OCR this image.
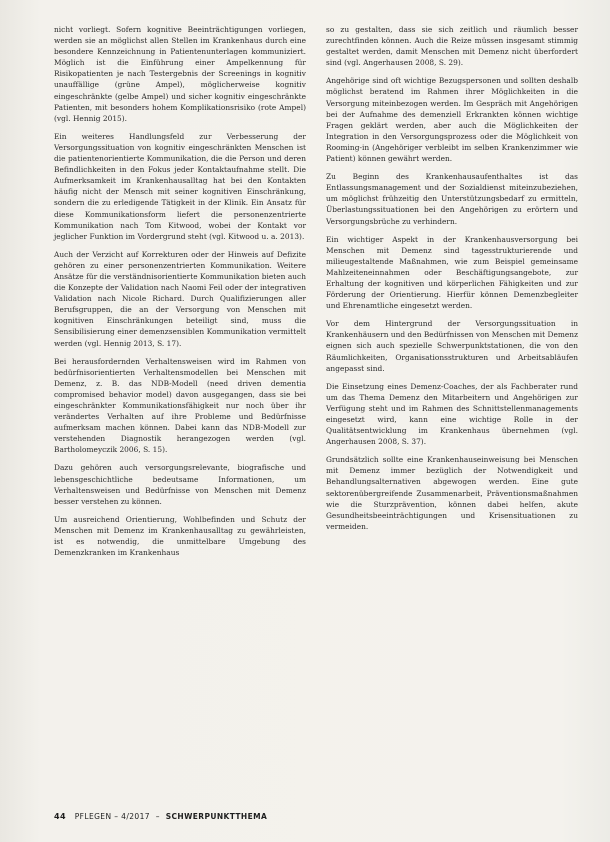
nicht vorliegt. Sofern kognitive Beeinträchtigungen vorliegen, werden sie an möglichst allen Stellen im Krankenhaus durch eine besondere Kennzeichnung in Patientenunterlagen kommuniziert. Möglich ist die Einführung einer Ampelkennung für Risikopatienten je nach Testergebnis der Screenings in kognitiv unauffällige (grüne Ampel), möglicherweise kognitiv eingeschränkte (gelbe Ampel) und sicher kognitiv eingeschränkte Patienten, mit besonders hohem Komplikationsrisiko (rote Ampel) (vgl. Hennig 2015).

Ein weiteres Handlungsfeld zur Verbesserung der Versorgungssituation von kognitiv eingeschränkten Menschen ist die patientenorientierte Kommunikation, die die Person und deren Befindlichkeiten in den Fokus jeder Kontaktaufnahme stellt. Die Aufmerksamkeit im Krankenhausalltag hat bei den Kontakten häufig nicht der Mensch mit seiner kognitiven Einschränkung, sondern die zu erledigende Tätigkeit in der Klinik. Ein Ansatz für diese Kommunikationsform liefert die personenzentrierte Kommunikation nach Tom Kitwood, wobei der Kontakt vor jeglicher Funktion im Vordergrund steht (vgl. Kitwood u. a. 2013).

Auch der Verzicht auf Korrekturen oder der Hinweis auf Defizite gehören zu einer personenzentrierten Kommunikation. Weitere Ansätze für die verständnisorientierte Kommunikation bieten auch die Konzepte der Validation nach Naomi Feil oder der integrativen Validation nach Nicole Richard. Durch Qualifizierungen aller Berufsgruppen, die an der Versorgung von Menschen mit kognitiven Einschränkungen beteiligt sind, muss die Sensibilisierung einer demenzsensiblen Kommunikation vermittelt werden (vgl. Hennig 2013, S. 17).

Bei herausfordernden Verhaltensweisen wird im Rahmen von bedürfnisorientierten Verhaltensmodellen bei Menschen mit Demenz, z. B. das NDB-Modell (need driven dementia compromised behavior model) davon ausgegangen, dass sie bei eingeschränkter Kommunikationsfähigkeit nur noch über ihr verändertes Verhalten auf ihre Probleme und Bedürfnisse aufmerksam machen können. Dabei kann das NDB-Modell zur verstehenden Diagnostik herangezogen werden (vgl. Bartholomeyczik 2006, S. 15).

Dazu gehören auch versorgungsrelevante, biografische und lebensgeschichtliche bedeutsame Informationen, um Verhaltensweisen und Bedürfnisse von Menschen mit Demenz besser verstehen zu können.

Um ausreichend Orientierung, Wohlbefinden und Schutz der Menschen mit Demenz im Krankenhausalltag zu gewährleisten, ist es notwendig, die unmittelbare Umgebung des Demenzkranken im Krankenhaus

so zu gestalten, dass sie sich zeitlich und räumlich besser zurechtfinden können. Auch die Reize müssen insgesamt stimmig gestaltet werden, damit Menschen mit Demenz nicht überfordert sind (vgl. Angerhausen 2008, S. 29).

Angehörige sind oft wichtige Bezugspersonen und sollten deshalb möglichst beratend im Rahmen ihrer Möglichkeiten in die Versorgung miteinbezogen werden. Im Gespräch mit Angehörigen bei der Aufnahme des demenziell Erkrankten können wichtige Fragen geklärt werden, aber auch die Möglichkeiten der Integration in den Versorgungsprozess oder die Möglichkeit von Rooming-in (Angehöriger verbleibt im selben Krankenzimmer wie Patient) können gewährt werden.

Zu Beginn des Krankenhausaufenthaltes ist das Entlassungsmanagement und der Sozialdienst miteinzubeziehen, um möglichst frühzeitig den Unterstützungsbedarf zu ermitteln, Überlastungssituationen bei den Angehörigen zu erörtern und Versorgungsbrüche zu verhindern.

Ein wichtiger Aspekt in der Krankenhausversorgung bei Menschen mit Demenz sind tagesstrukturierende und milieugestaltende Maßnahmen, wie zum Beispiel gemeinsame Mahlzeiteneinnahmen oder Beschäftigungsangebote, zur Erhaltung der kognitiven und körperlichen Fähigkeiten und zur Förderung der Orientierung. Hierfür können Demenzbegleiter und Ehrenamtliche eingesetzt werden.

Vor dem Hintergrund der Versorgungssituation in Krankenhäusern und den Bedürfnissen von Menschen mit Demenz eignen sich auch spezielle Schwerpunktstationen, die von den Räumlichkeiten, Organisationsstrukturen und Arbeitsabläufen angepasst sind.

Die Einsetzung eines Demenz-Coaches, der als Fachberater rund um das Thema Demenz den Mitarbeitern und Angehörigen zur Verfügung steht und im Rahmen des Schnittstellenmanagements eingesetzt wird, kann eine wichtige Rolle in der Qualitätsentwicklung im Krankenhaus übernehmen (vgl. Angerhausen 2008, S. 37).

Grundsätzlich sollte eine Krankenhauseinweisung bei Menschen mit Demenz immer bezüglich der Notwendigkeit und Behandlungsalternativen abgewogen werden. Eine gute sektorenübergreifende Zusammenarbeit, Präventionsmaßnahmen wie die Sturzprävention, können dabei helfen, akute Gesundheitsbeeinträchtigungen und Krisensituationen zu vermeiden.

44 PFLEGEN – 4/2017 – SCHWERPUNKTTHEMA
